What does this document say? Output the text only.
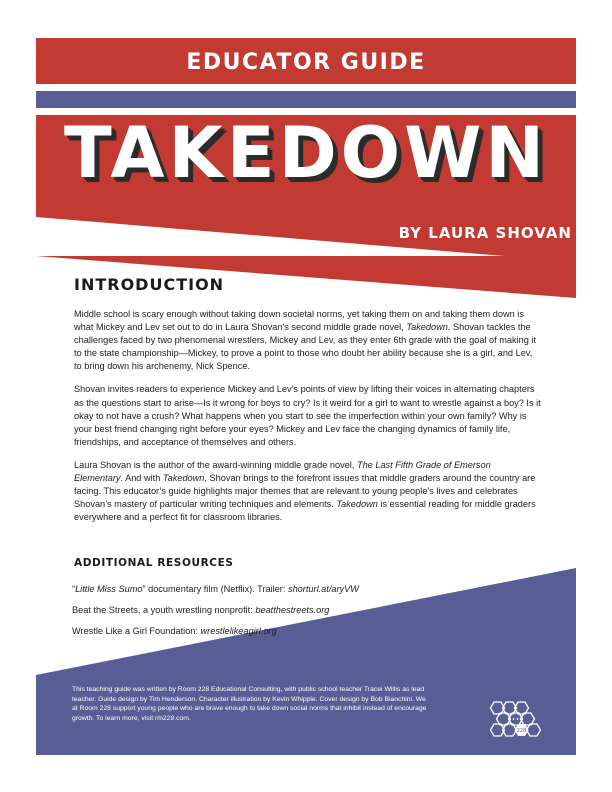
EDUCATOR GUIDE
TAKEDOWN
BY LAURA SHOVAN
INTRODUCTION

Middle school is scary enough without taking down societal norms, yet taking them on and taking them down is what Mickey and Lev set out to do in Laura Shovan’s second middle grade novel, Takedown. Shovan tackles the challenges faced by two phenomenal wrestlers, Mickey and Lev, as they enter 6th grade with the goal of making it to the state championship—Mickey, to prove a point to those who doubt her ability because she is a girl, and Lev, to bring down his archenemy, Nick Spence.

Shovan invites readers to experience Mickey and Lev’s points of view by lifting their voices in alternating chapters as the questions start to arise—Is it wrong for boys to cry? Is it weird for a girl to want to wrestle against a boy? Is it okay to not have a crush? What happens when you start to see the imperfection within your own family? Why is your best friend changing right before your eyes? Mickey and Lev face the changing dynamics of family life, friendships, and acceptance of themselves and others.

Laura Shovan is the author of the award-winning middle grade novel, The Last Fifth Grade of Emerson Elementary. And with Takedown, Shovan brings to the forefront issues that middle graders around the country are facing. This educator’s guide highlights major themes that are relevant to young people’s lives and celebrates Shovan’s mastery of particular writing techniques and elements. Takedown is essential reading for middle graders everywhere and a perfect fit for classroom libraries.

ADDITIONAL RESOURCES
“Little Miss Sumo” documentary film (Netflix). Trailer: shorturl.at/aryVW
Beat the Streets, a youth wrestling nonprofit: beatthestreets.org
Wrestle Like a Girl Foundation: wrestlelikeagirl.org
This teaching guide was written by Room 228 Educational Consulting, with public school teacher Tracei Willis as lead teacher. Guide design by Tim Henderson. Character illustration by Kevin Whipple. Cover design by Bob Bianchini. We at Room 228 support young people who are brave enough to take down social norms that inhibit instead of encourage growth. To learn more, visit rm228.com.
228
